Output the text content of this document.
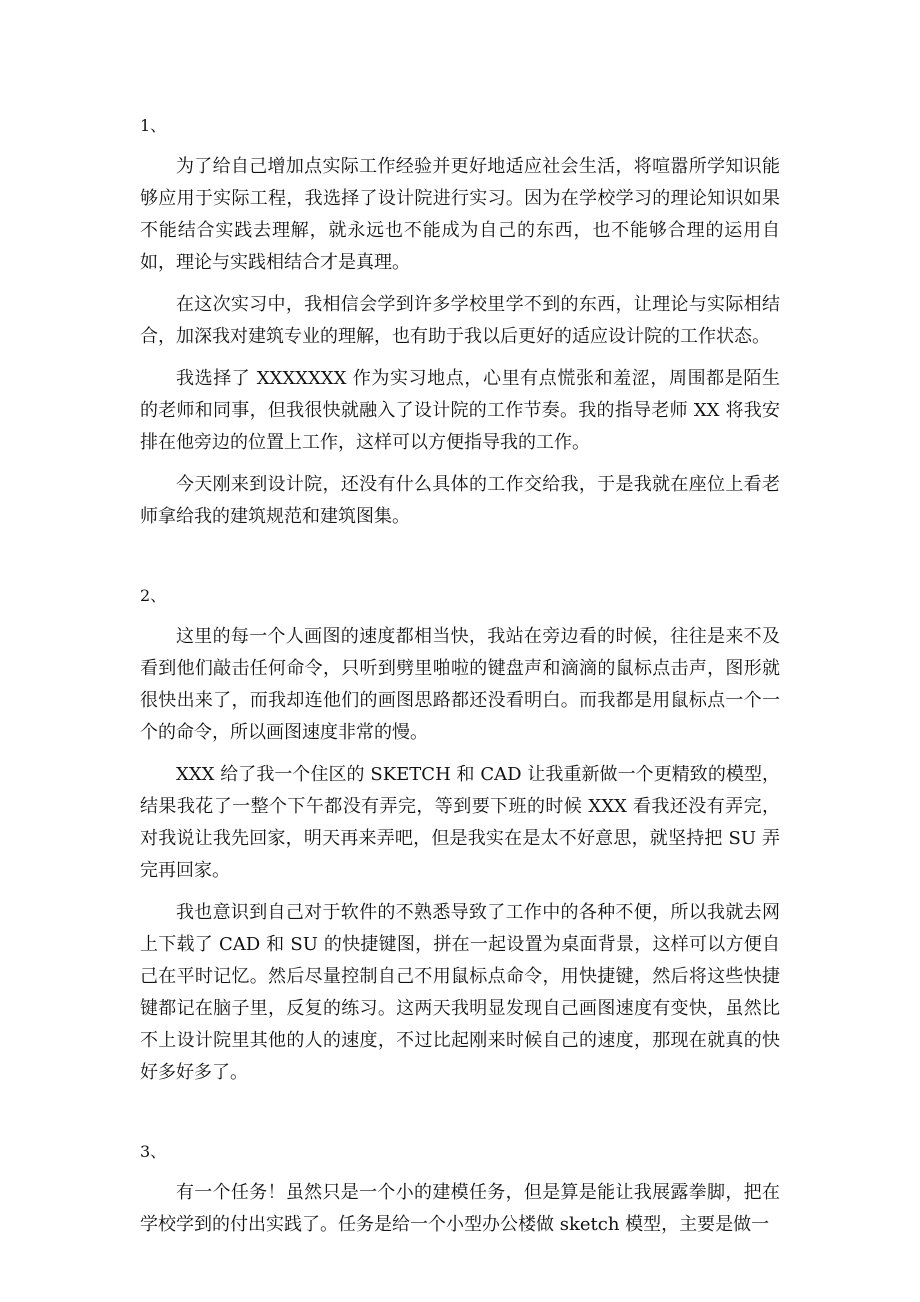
1、

为了给自己增加点实际工作经验并更好地适应社会生活，将喧嚣所学知识能够应用于实际工程，我选择了设计院进行实习。因为在学校学习的理论知识如果不能结合实践去理解，就永远也不能成为自己的东西，也不能够合理的运用自如，理论与实践相结合才是真理。

在这次实习中，我相信会学到许多学校里学不到的东西，让理论与实际相结合，加深我对建筑专业的理解，也有助于我以后更好的适应设计院的工作状态。

我选择了 XXXXXXX 作为实习地点，心里有点慌张和羞涩，周围都是陌生的老师和同事，但我很快就融入了设计院的工作节奏。我的指导老师 XX 将我安排在他旁边的位置上工作，这样可以方便指导我的工作。

今天刚来到设计院，还没有什么具体的工作交给我，于是我就在座位上看老师拿给我的建筑规范和建筑图集。

2、

这里的每一个人画图的速度都相当快，我站在旁边看的时候，往往是来不及看到他们敲击任何命令，只听到劈里啪啦的键盘声和滴滴的鼠标点击声，图形就很快出来了，而我却连他们的画图思路都还没看明白。而我都是用鼠标点一个一个的命令，所以画图速度非常的慢。

XXX 给了我一个住区的 SKETCH 和 CAD 让我重新做一个更精致的模型，结果我花了一整个下午都没有弄完，等到要下班的时候 XXX 看我还没有弄完，对我说让我先回家，明天再来弄吧，但是我实在是太不好意思，就坚持把 SU 弄完再回家。

我也意识到自己对于软件的不熟悉导致了工作中的各种不便，所以我就去网上下载了 CAD 和 SU 的快捷键图，拼在一起设置为桌面背景，这样可以方便自己在平时记忆。然后尽量控制自己不用鼠标点命令，用快捷键，然后将这些快捷键都记在脑子里，反复的练习。这两天我明显发现自己画图速度有变快，虽然比不上设计院里其他的人的速度，不过比起刚来时候自己的速度，那现在就真的快好多好多了。

3、

有一个任务！虽然只是一个小的建模任务，但是算是能让我展露拳脚，把在学校学到的付出实践了。任务是给一个小型办公楼做 sketch 模型，主要是做一
